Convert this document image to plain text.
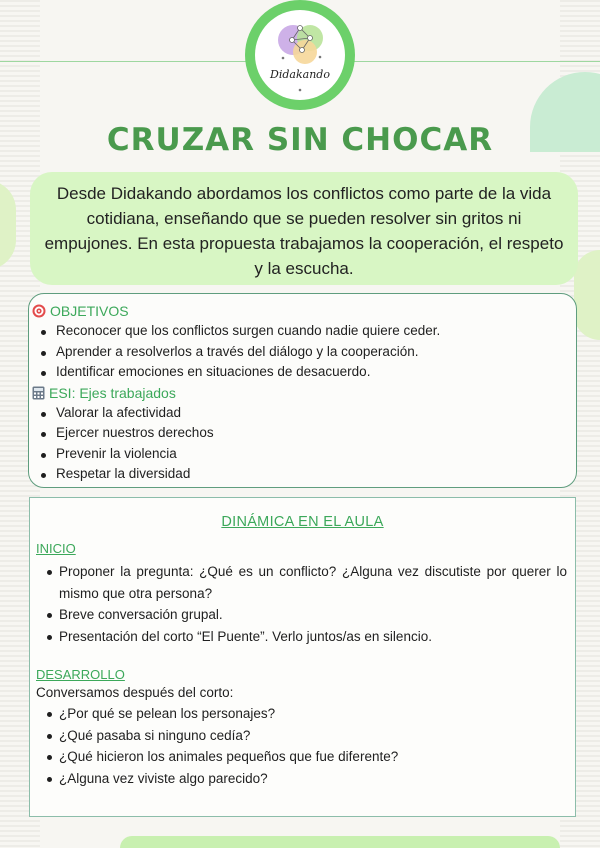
Didakando
CRUZAR SIN CHOCAR
Desde Didakando abordamos los conflictos como parte de la vida cotidiana, enseñando que se pueden resolver sin gritos ni empujones. En esta propuesta trabajamos la cooperación, el respeto y la escucha.
OBJETIVOS
Reconocer que los conflictos surgen cuando nadie quiere ceder.
Aprender a resolverlos a través del diálogo y la cooperación.
Identificar emociones en situaciones de desacuerdo.
ESI: Ejes trabajados
Valorar la afectividad
Ejercer nuestros derechos
Prevenir la violencia
Respetar la diversidad
DINÁMICA EN EL AULA
INICIO
Proponer la pregunta: ¿Qué es un conflicto? ¿Alguna vez discutiste por querer lo mismo que otra persona?
Breve conversación grupal.
Presentación del corto “El Puente”. Verlo juntos/as en silencio.
DESARROLLO
Conversamos después del corto:
¿Por qué se pelean los personajes?
¿Qué pasaba si ninguno cedía?
¿Qué hicieron los animales pequeños que fue diferente?
¿Alguna vez viviste algo parecido?
